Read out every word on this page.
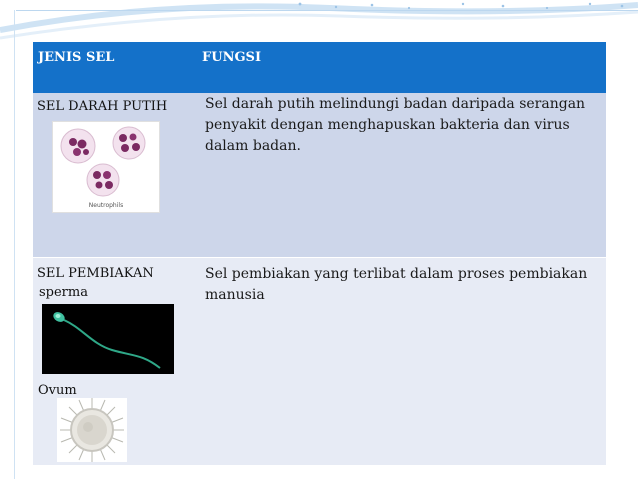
JENIS SEL	FUNGSI
SEL DARAH PUTIH
Neutrophils
Sel darah putih melindungi badan daripada serangan penyakit dengan menghapuskan bakteria dan virus dalam badan.
SEL PEMBIAKAN
sperma
Ovum
Sel pembiakan yang terlibat dalam proses pembiakan manusia
